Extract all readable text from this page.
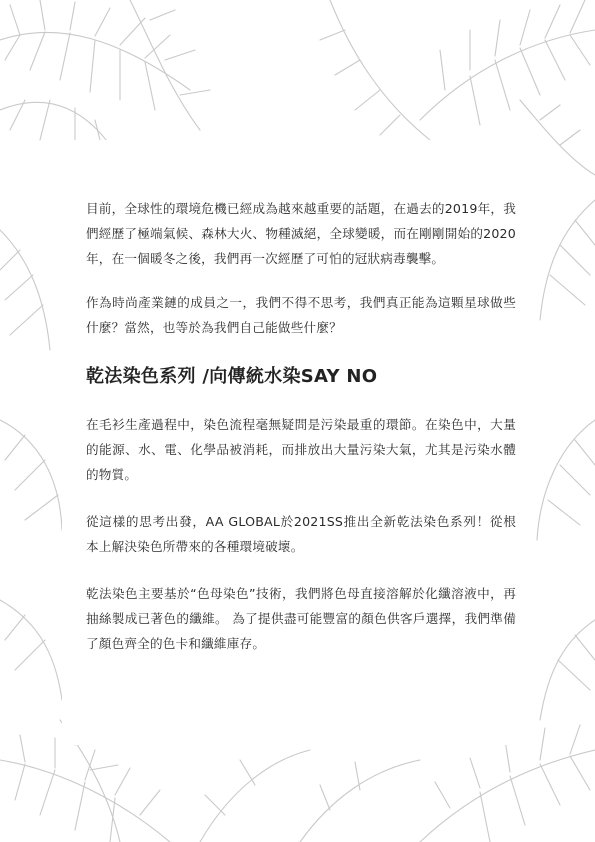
目前，全球性的環境危機已經成為越來越重要的話題，在過去的2019年，我們經歷了極端氣候、森林大火、物種滅絕，全球變暖，而在剛剛開始的2020年，在一個暖冬之後，我們再一次經歷了可怕的冠狀病毒襲擊。

作為時尚產業鏈的成員之一，我們不得不思考，我們真正能為這顆星球做些什麼？當然，也等於為我們自己能做些什麼？

乾法染色系列 /向傳統水染SAY NO

在毛衫生產過程中，染色流程毫無疑問是污染最重的環節。在染色中，大量的能源、水、電、化學品被消耗，而排放出大量污染大氣，尤其是污染水體的物質。

從這樣的思考出發，AA GLOBAL於2021SS推出全新乾法染色系列！從根本上解決染色所帶來的各種環境破壞。

乾法染色主要基於“色母染色”技術，我們將色母直接溶解於化纖溶液中，再抽絲製成已著色的纖維。 為了提供盡可能豐富的顏色供客戶選擇，我們準備了顏色齊全的色卡和纖維庫存。
